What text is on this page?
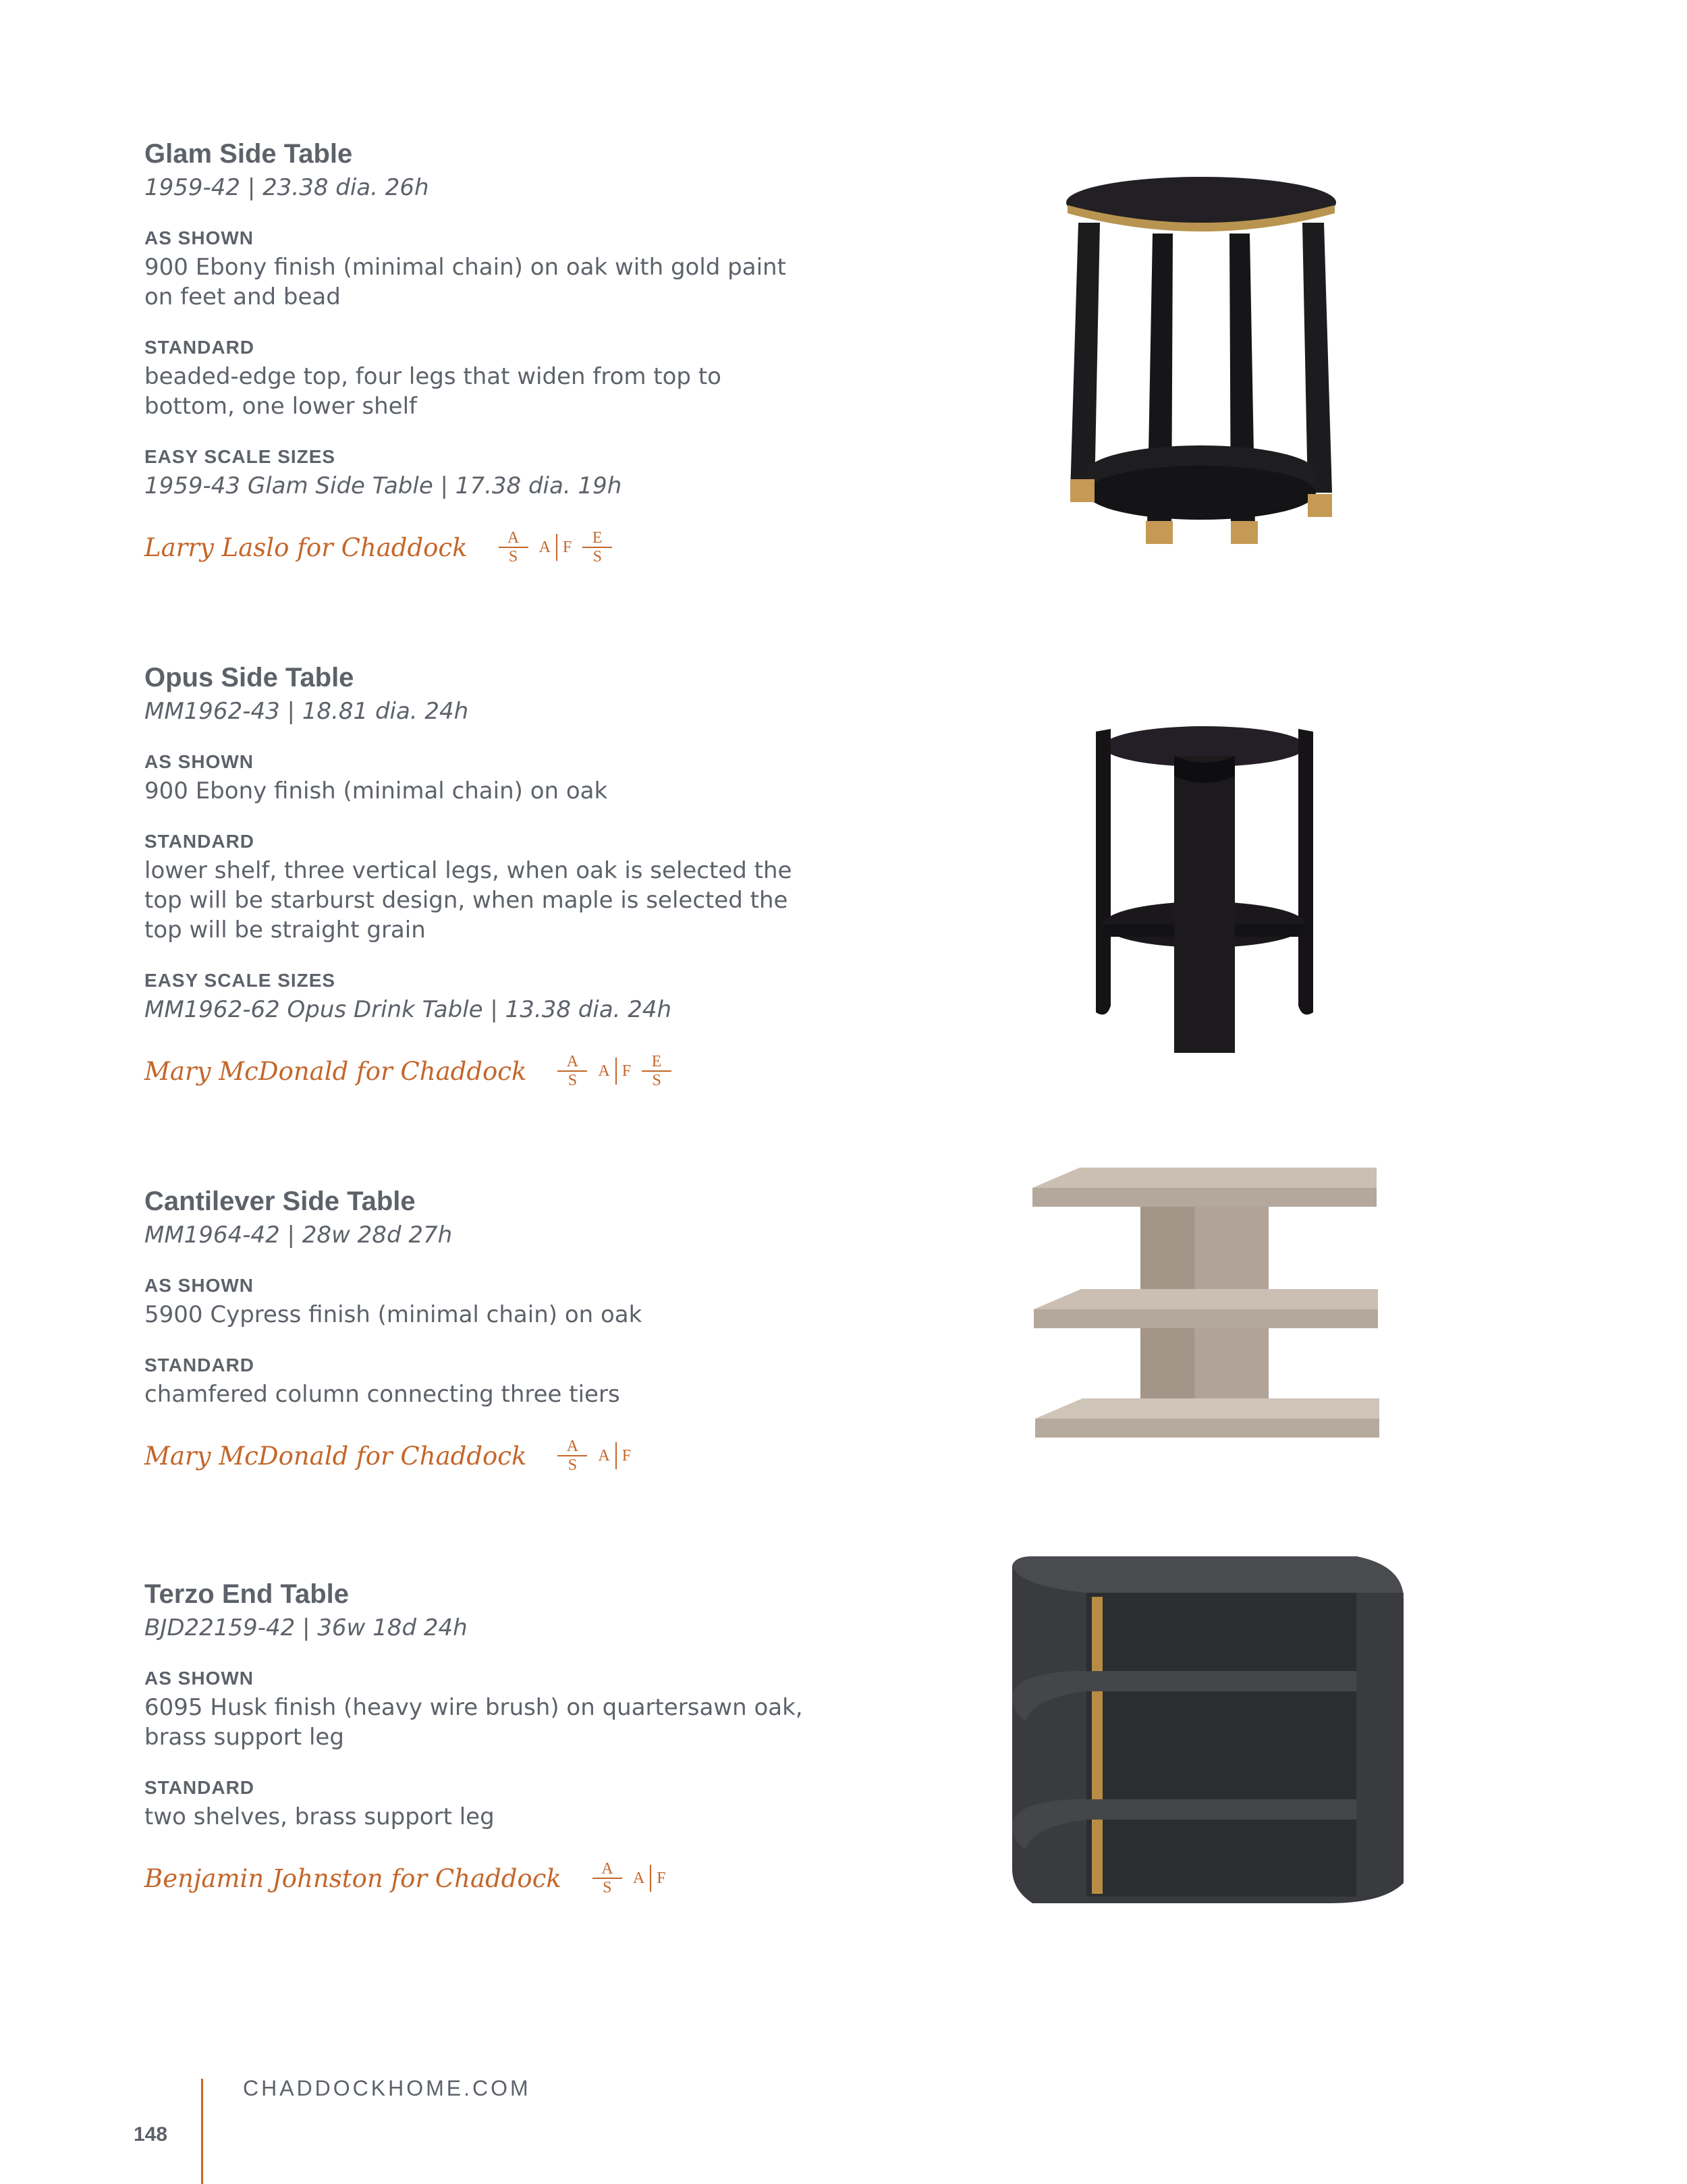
Glam Side Table

1959-42 | 23.38 dia. 26h

AS SHOWN

900 Ebony finish (minimal chain) on oak with gold paint
on feet and bead

STANDARD

beaded-edge top, four legs that widen from top to
bottom, one lower shelf

EASY SCALE SIZES

1959-43 Glam Side Table | 17.38 dia. 19h

Larry Laslo for Chaddock $\frac{A}{S}$ A F $\frac{E}{S}$
Opus Side Table

MM1962-43 | 18.81 dia. 24h

AS SHOWN

900 Ebony finish (minimal chain) on oak

STANDARD

lower shelf, three vertical legs, when oak is selected the
top will be starburst design, when maple is selected the
top will be straight grain

EASY SCALE SIZES

MM1962-62 Opus Drink Table | 13.38 dia. 24h

Mary McDonald for Chaddock $\frac{A}{S}$ A F $\frac{E}{S}$
Cantilever Side Table

MM1964-42 | 28w 28d 27h

AS SHOWN

5900 Cypress finish (minimal chain) on oak

STANDARD

chamfered column connecting three tiers

Mary McDonald for Chaddock $\frac{A}{S}$ A F
Terzo End Table

BJD22159-42 | 36w 18d 24h

AS SHOWN

6095 Husk finish (heavy wire brush) on quartersawn oak,
brass support leg

STANDARD

two shelves, brass support leg

Benjamin Johnston for Chaddock $\frac{A}{S}$ A F
CHADDOCKHOME.COM
148
